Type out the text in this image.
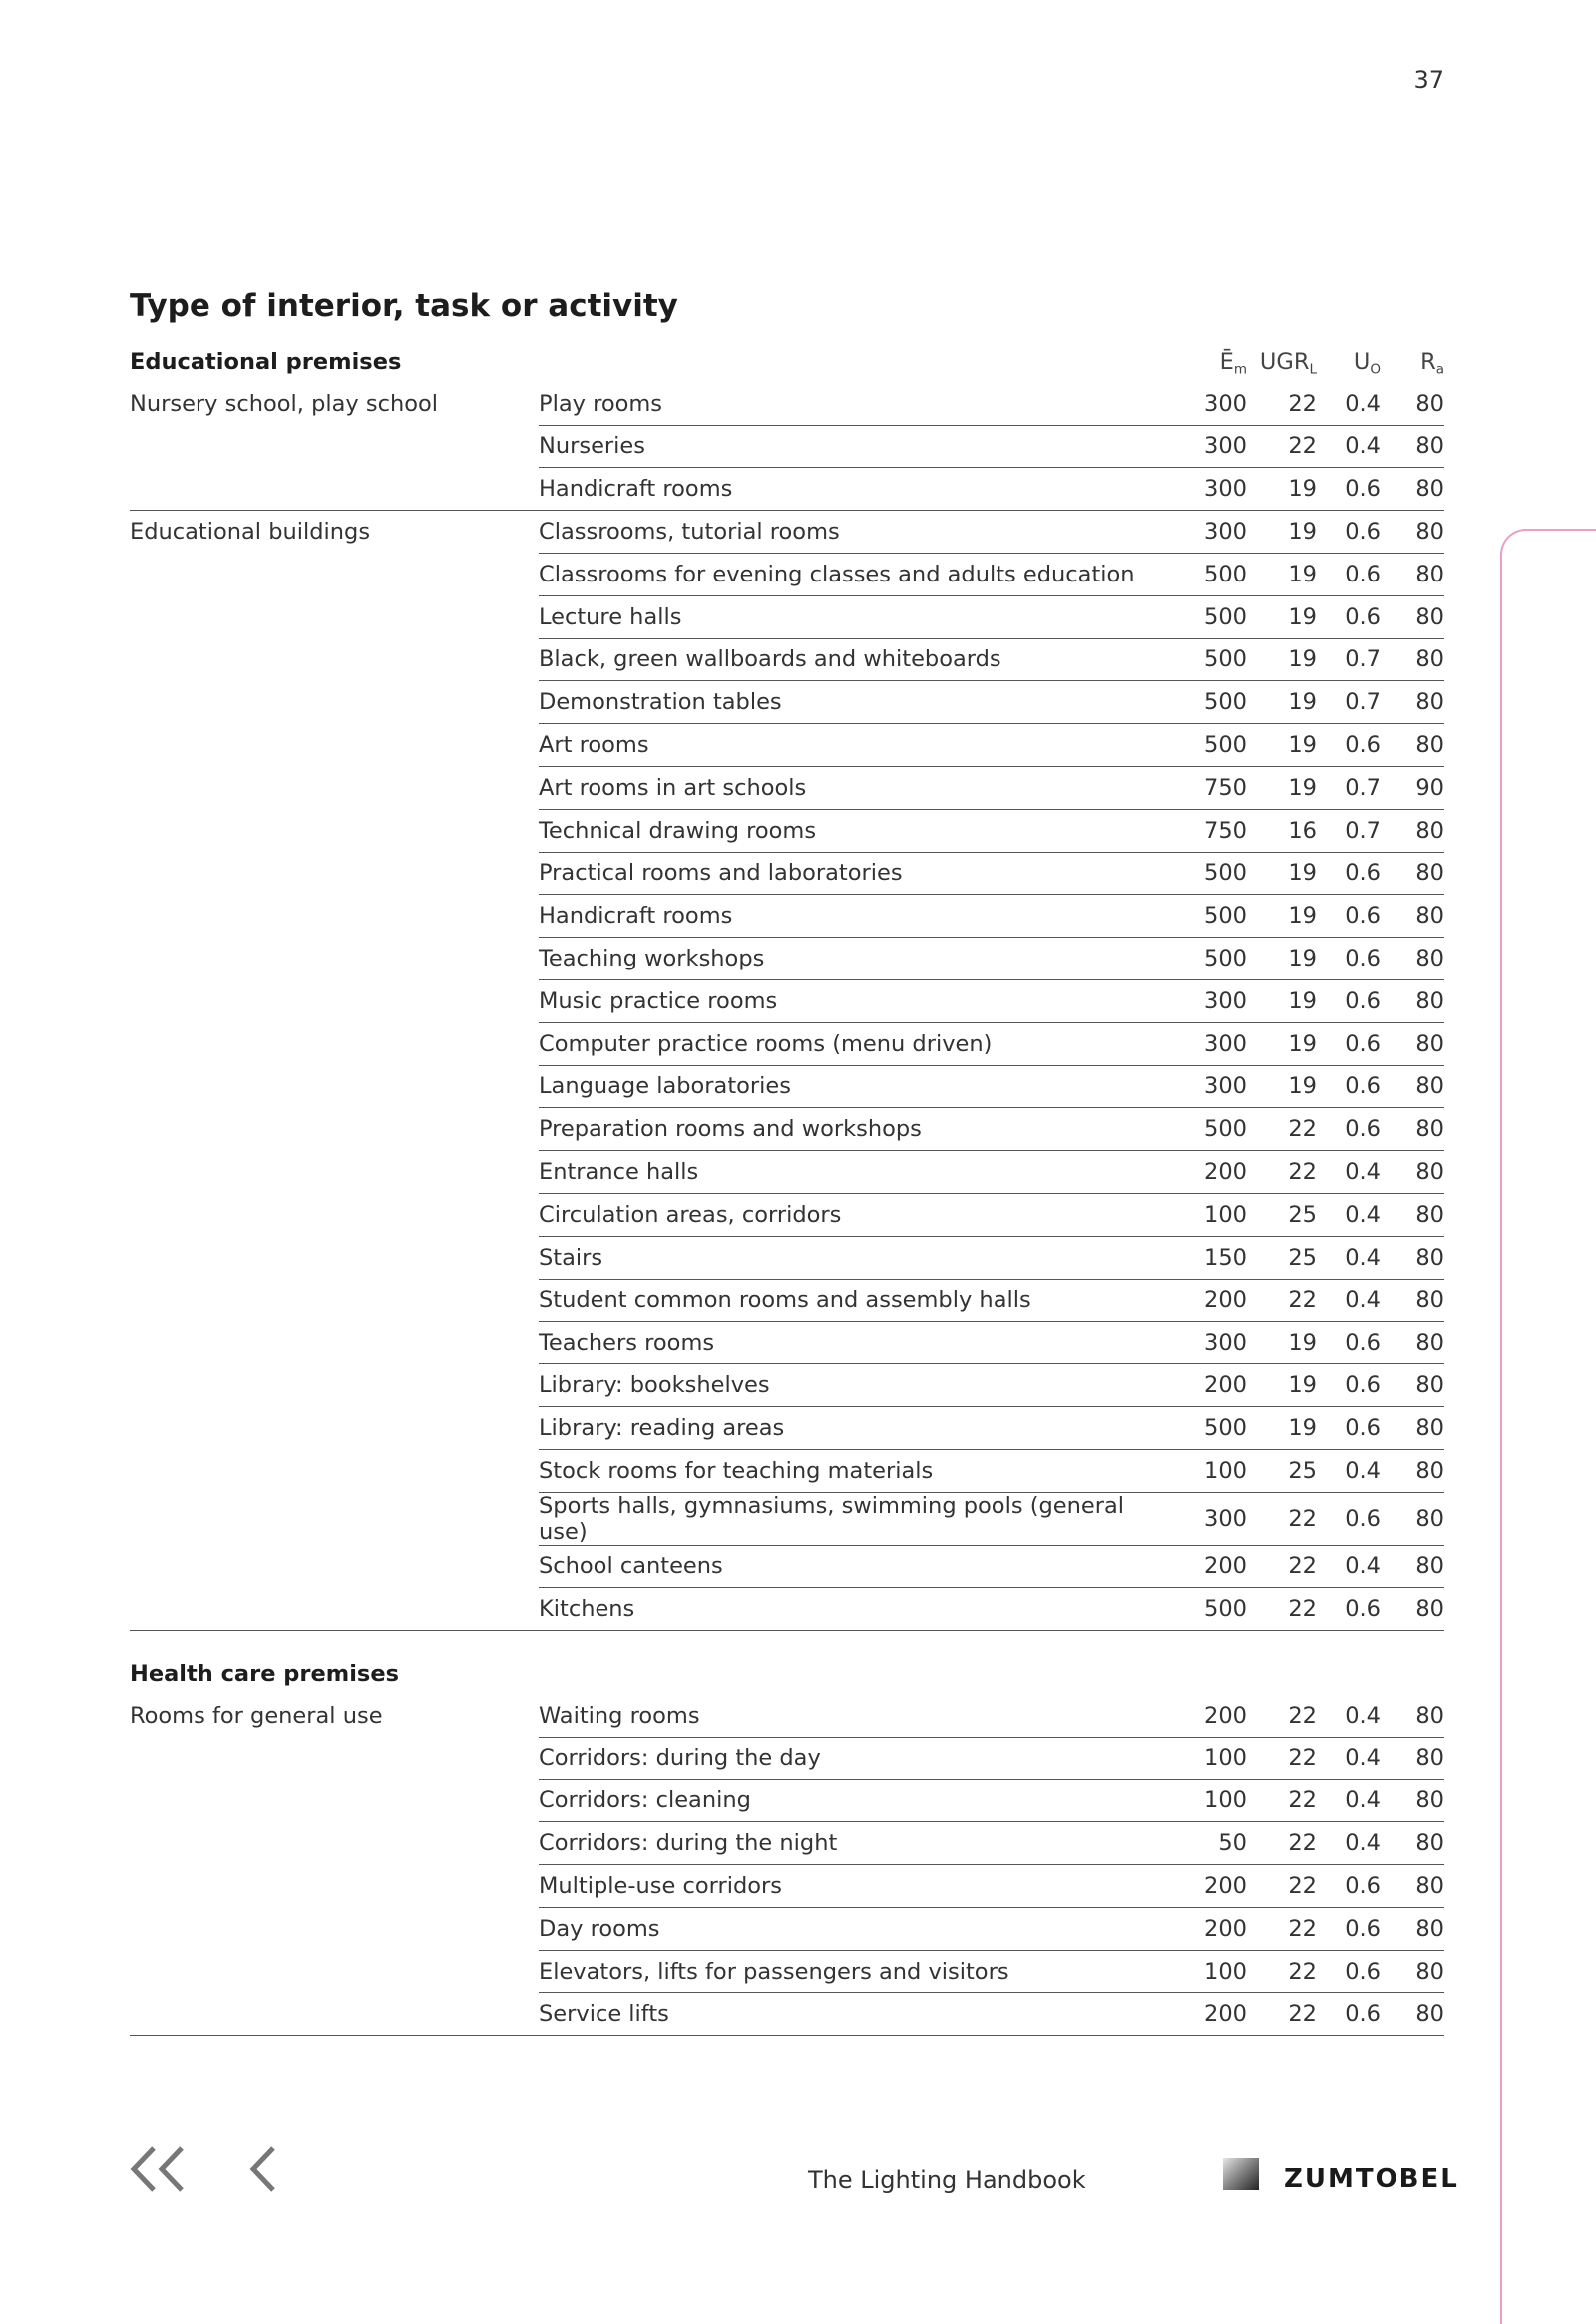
37
Type of interior, task or activity
Educational premises		$Ē_m$	$UGR_L$	$U_O$	$R_a$
Nursery school, play school	Play rooms	300	22	0.4	80
	Nurseries	300	22	0.4	80
	Handicraft rooms	300	19	0.6	80
Educational buildings	Classrooms, tutorial rooms	300	19	0.6	80
	Classrooms for evening classes and adults education	500	19	0.6	80
	Lecture halls	500	19	0.6	80
	Black, green wallboards and whiteboards	500	19	0.7	80
	Demonstration tables	500	19	0.7	80
	Art rooms	500	19	0.6	80
	Art rooms in art schools	750	19	0.7	90
	Technical drawing rooms	750	16	0.7	80
	Practical rooms and laboratories	500	19	0.6	80
	Handicraft rooms	500	19	0.6	80
	Teaching workshops	500	19	0.6	80
	Music practice rooms	300	19	0.6	80
	Computer practice rooms (menu driven)	300	19	0.6	80
	Language laboratories	300	19	0.6	80
	Preparation rooms and workshops	500	22	0.6	80
	Entrance halls	200	22	0.4	80
	Circulation areas, corridors	100	25	0.4	80
	Stairs	150	25	0.4	80
	Student common rooms and assembly halls	200	22	0.4	80
	Teachers rooms	300	19	0.6	80
	Library: bookshelves	200	19	0.6	80
	Library: reading areas	500	19	0.6	80
	Stock rooms for teaching materials	100	25	0.4	80
	Sports halls, gymnasiums, swimming pools (general use)	300	22	0.6	80
	School canteens	200	22	0.4	80
	Kitchens	500	22	0.6	80

Health care premises					
Rooms for general use	Waiting rooms	200	22	0.4	80
	Corridors: during the day	100	22	0.4	80
	Corridors: cleaning	100	22	0.4	80
	Corridors: during the night	50	22	0.4	80
	Multiple-use corridors	200	22	0.6	80
	Day rooms	200	22	0.6	80
	Elevators, lifts for passengers and visitors	100	22	0.6	80
	Service lifts	200	22	0.6	80
The Lighting Handbook	ZUMTOBEL
